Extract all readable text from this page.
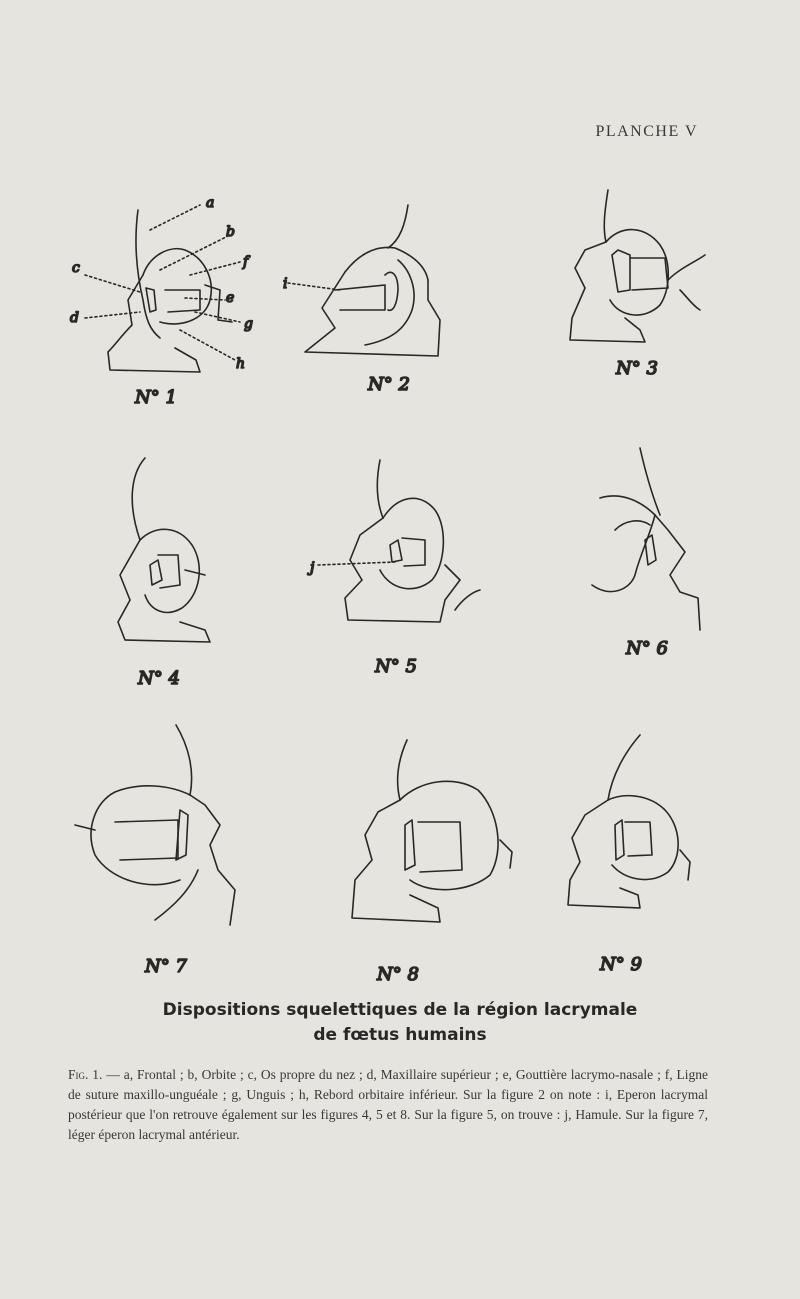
PLANCHE V
a
b
c
d
e
f
g
h
N° 1
i
N° 2
N° 3
N° 4
j
N° 5
N° 6
N° 7	N° 8	N° 9
Dispositions squelettiques de la région lacrymale
de fœtus humains
Fig. 1. — a, Frontal ; b, Orbite ; c, Os propre du nez ; d, Maxillaire supérieur ; e, Gouttière lacrymo-nasale ; f, Ligne de suture maxillo-unguéale ; g, Unguis ; h, Rebord orbitaire inférieur. Sur la figure 2 on note : i, Eperon lacrymal postérieur que l'on retrouve également sur les figures 4, 5 et 8. Sur la figure 5, on trouve : j, Hamule. Sur la figure 7, léger éperon lacrymal antérieur.
